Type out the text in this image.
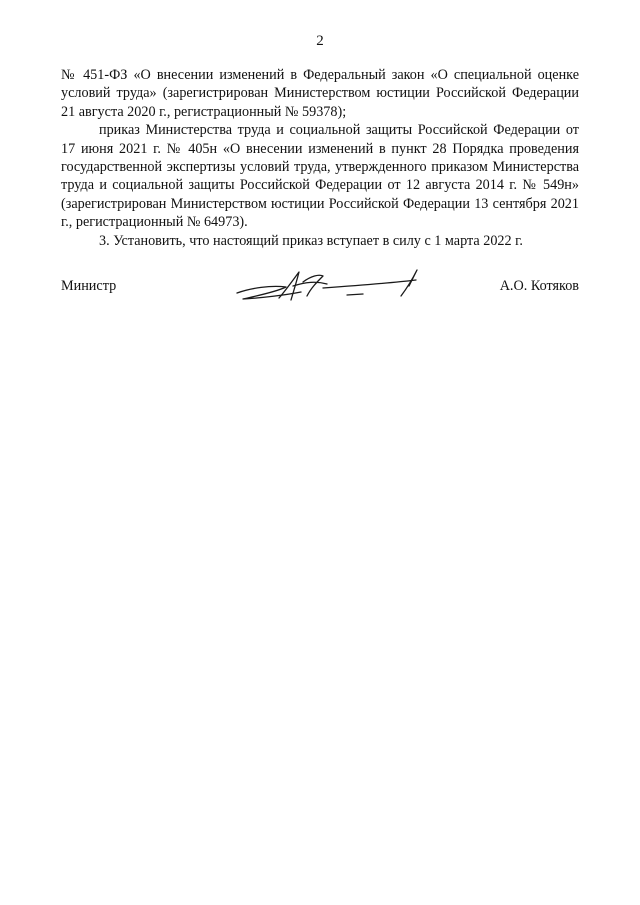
2

№ 451-ФЗ «О внесении изменений в Федеральный закон «О специальной оценке условий труда» (зарегистрирован Министерством юстиции Российской Федерации 21 августа 2020 г., регистрационный № 59378);

приказ Министерства труда и социальной защиты Российской Федерации от 17 июня 2021 г. № 405н «О внесении изменений в пункт 28 Порядка проведения государственной экспертизы условий труда, утвержденного приказом Министерства труда и социальной защиты Российской Федерации от 12 августа 2014 г. № 549н» (зарегистрирован Министерством юстиции Российской Федерации 13 сентября 2021 г., регистрационный № 64973).

3. Установить, что настоящий приказ вступает в силу с 1 марта 2022 г.

Министр	А.О. Котяков
